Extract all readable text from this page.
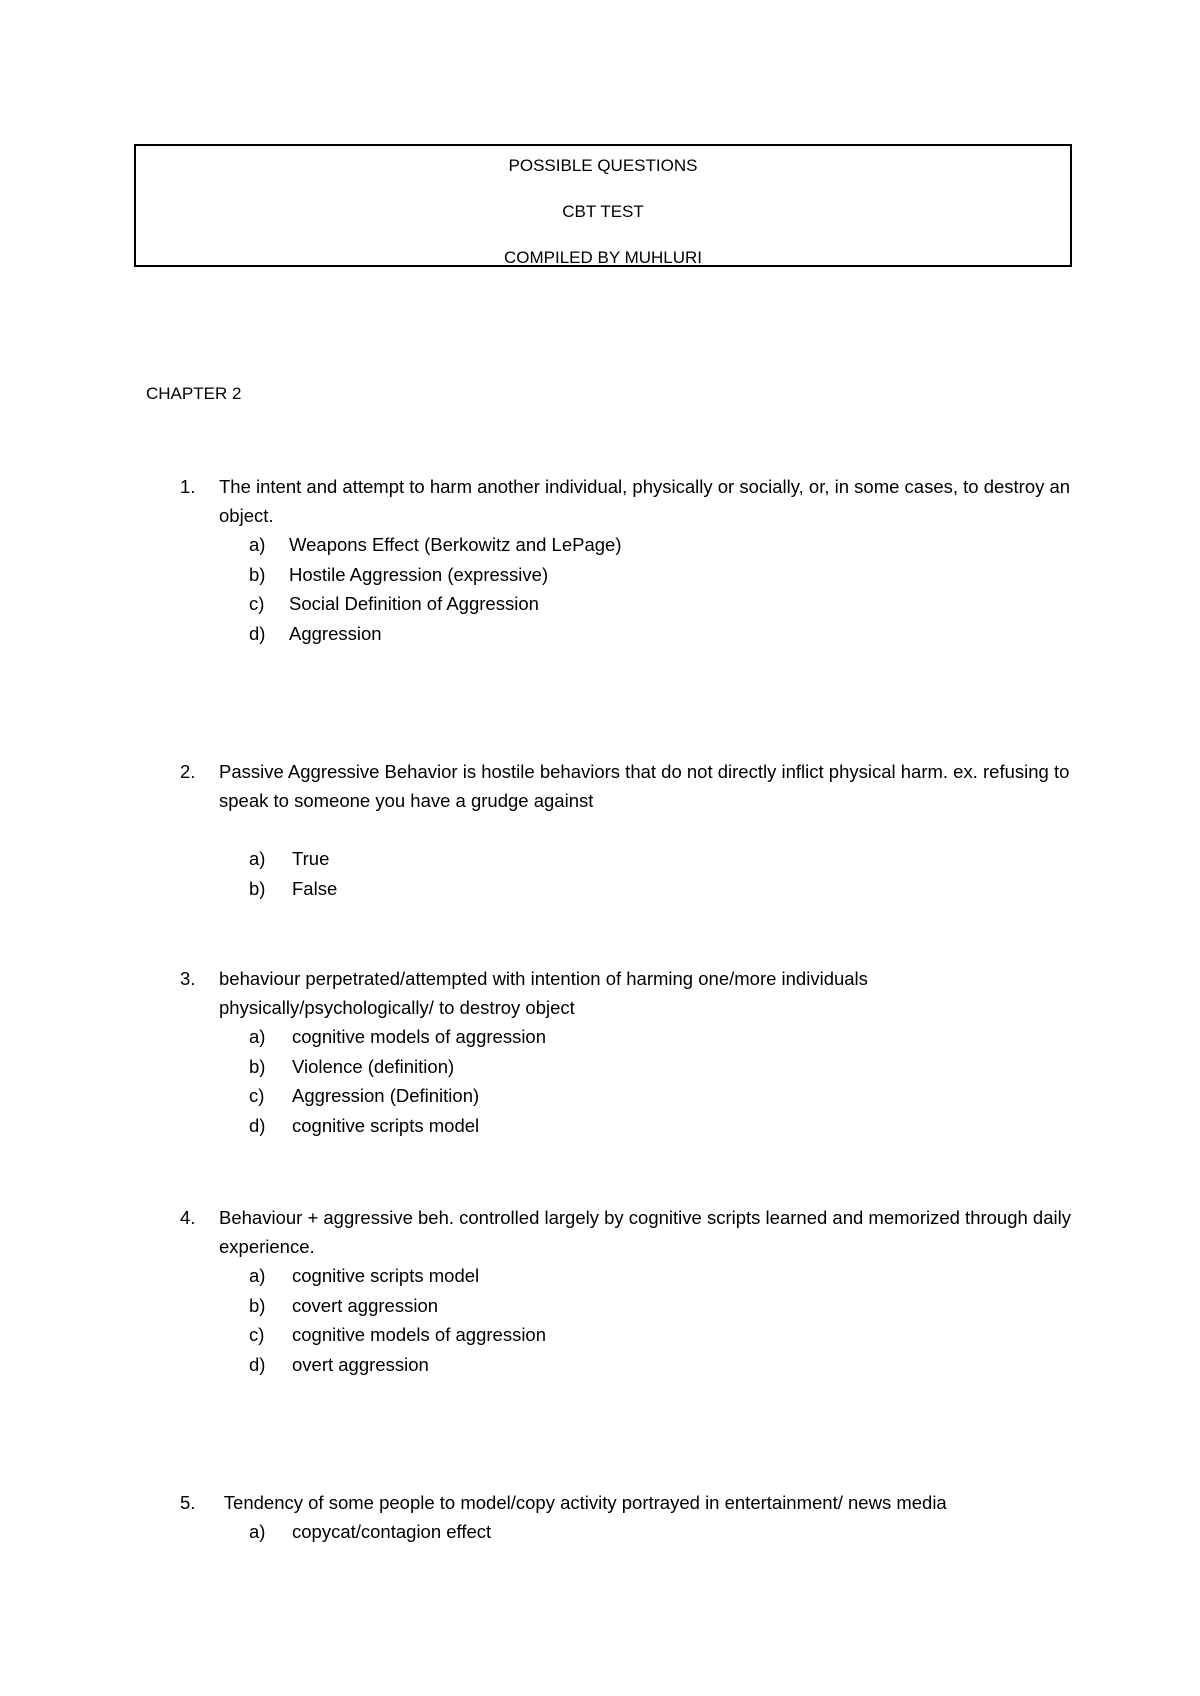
POSSIBLE QUESTIONS
CBT TEST
COMPILED BY MUHLURI
CHAPTER 2
1. The intent and attempt to harm another individual, physically or socially, or, in some cases, to destroy an object.
a) Weapons Effect (Berkowitz and LePage)
b) Hostile Aggression (expressive)
c) Social Definition of Aggression
d) Aggression
2. Passive Aggressive Behavior is hostile behaviors that do not directly inflict physical harm. ex. refusing to speak to someone you have a grudge against
a) True
b) False
3. behaviour perpetrated/attempted with intention of harming one/more individuals physically/psychologically/ to destroy object
a) cognitive models of aggression
b) Violence (definition)
c) Aggression (Definition)
d) cognitive scripts model
4. Behaviour + aggressive beh. controlled largely by cognitive scripts learned and memorized through daily experience.
a) cognitive scripts model
b) covert aggression
c) cognitive models of aggression
d) overt aggression
5. Tendency of some people to model/copy activity portrayed in entertainment/ news media
a) copycat/contagion effect
